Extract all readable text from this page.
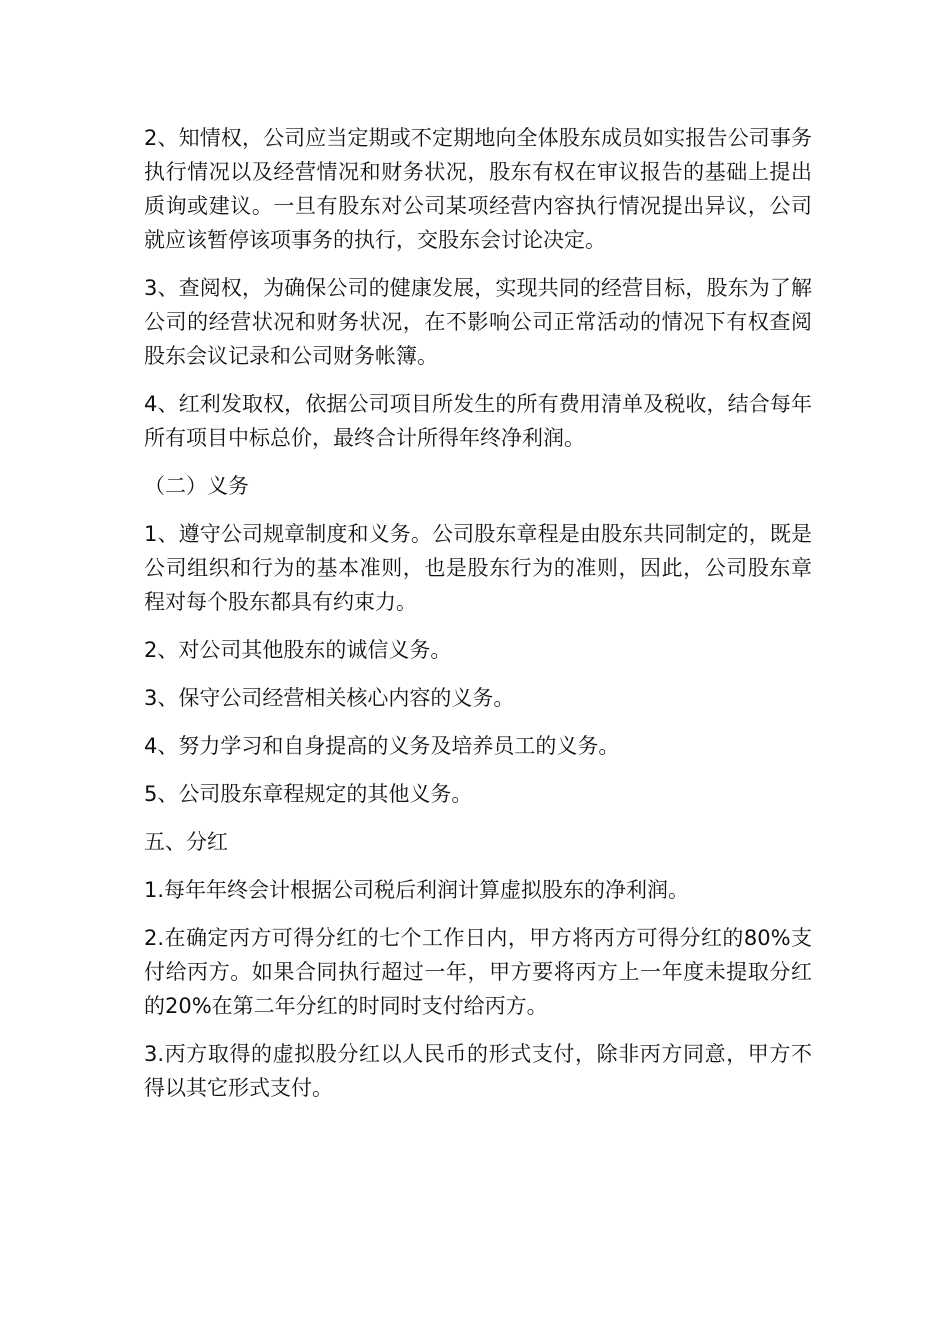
2、知情权，公司应当定期或不定期地向全体股东成员如实报告公司事务执行情况以及经营情况和财务状况，股东有权在审议报告的基础上提出质询或建议。一旦有股东对公司某项经营内容执行情况提出异议，公司就应该暂停该项事务的执行，交股东会讨论决定。

3、查阅权，为确保公司的健康发展，实现共同的经营目标，股东为了解公司的经营状况和财务状况，在不影响公司正常活动的情况下有权查阅股东会议记录和公司财务帐簿。

4、红利发取权，依据公司项目所发生的所有费用清单及税收，结合每年所有项目中标总价，最终合计所得年终净利润。

（二）义务

1、遵守公司规章制度和义务。公司股东章程是由股东共同制定的，既是公司组织和行为的基本准则，也是股东行为的准则，因此，公司股东章程对每个股东都具有约束力。

2、对公司其他股东的诚信义务。

3、保守公司经营相关核心内容的义务。

4、努力学习和自身提高的义务及培养员工的义务。

5、公司股东章程规定的其他义务。

五、分红

1.每年年终会计根据公司税后利润计算虚拟股东的净利润。

2.在确定丙方可得分红的七个工作日内，甲方将丙方可得分红的80%支付给丙方。如果合同执行超过一年，甲方要将丙方上一年度未提取分红的20%在第二年分红的时同时支付给丙方。

3.丙方取得的虚拟股分红以人民币的形式支付，除非丙方同意，甲方不得以其它形式支付。
